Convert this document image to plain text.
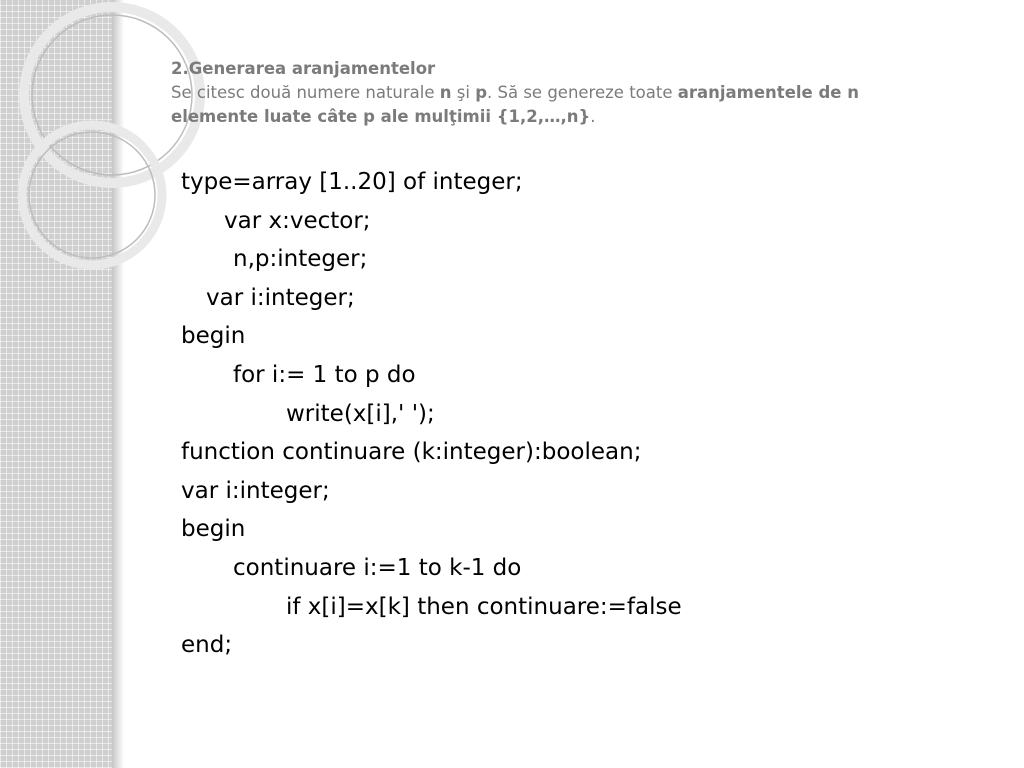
2.Generarea aranjamentelor
Se citesc două numere naturale n şi p. Să se genereze toate aranjamentele de n
elemente luate câte p ale mulţimii {1,2,…,n}.
type=array [1..20] of integer;
var x:vector;
n,p:integer;
var i:integer;
begin
for i:= 1 to p do
write(x[i],' ');
function continuare (k:integer):boolean;
var i:integer;
begin
continuare i:=1 to k-1 do
if x[i]=x[k] then continuare:=false
end;
